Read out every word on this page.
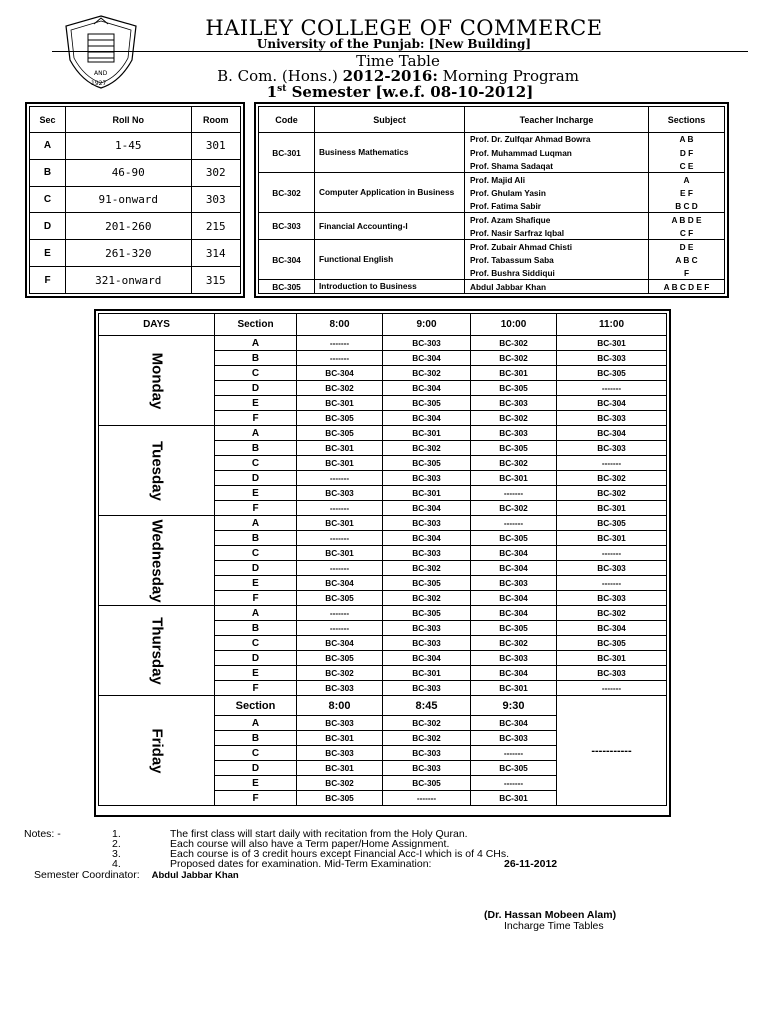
AND
1927
HAILEY COLLEGE OF COMMERCE
University of the Punjab: [New Building]
Time Table
B. Com. (Hons.) 2012-2016: Morning Program
1st Semester [w.e.f. 08-10-2012]
Sec	Roll No	Room
A	1-45	301
B	46-90	302
C	91-onward	303
D	201-260	215
E	261-320	314
F	321-onward	315
Code	Subject	Teacher Incharge	Sections
BC-301	Business Mathematics	Prof. Dr. Zulfqar Ahmad Bowra	A B
		Prof. Muhammad Luqman	D F
		Prof. Shama Sadaqat	C E
BC-302	Computer Application in Business	Prof. Majid Ali	A
		Prof. Ghulam Yasin	E F
		Prof. Fatima Sabir	B C D
BC-303	Financial Accounting-I	Prof. Azam Shafique	A B D E
		Prof. Nasir Sarfraz Iqbal	C F
BC-304	Functional English	Prof. Zubair Ahmad Chisti	D E
		Prof. Tabassum Saba	A B C
		Prof. Bushra Siddiqui	F
BC-305	Introduction to Business	Abdul Jabbar Khan	A B C D E F
DAYS	Section	8:00	9:00	10:00	11:00

Monday	A	-------	BC-303	BC-302	BC-301
	B	-------	BC-304	BC-302	BC-303
	C	BC-304	BC-302	BC-301	BC-305
	D	BC-302	BC-304	BC-305	-------
	E	BC-301	BC-305	BC-303	BC-304
	F	BC-305	BC-304	BC-302	BC-303

Tuesday	A	BC-305	BC-301	BC-303	BC-304
	B	BC-301	BC-302	BC-305	BC-303
	C	BC-301	BC-305	BC-302	-------
	D	-------	BC-303	BC-301	BC-302
	E	BC-303	BC-301	-------	BC-302
	F	-------	BC-304	BC-302	BC-301

Wednesday	A	BC-301	BC-303	-------	BC-305
	B	-------	BC-304	BC-305	BC-301
	C	BC-301	BC-303	BC-304	-------
	D	-------	BC-302	BC-304	BC-303
	E	BC-304	BC-305	BC-303	-------
	F	BC-305	BC-302	BC-304	BC-303

Thursday	A	-------	BC-305	BC-304	BC-302
	B	-------	BC-303	BC-305	BC-304
	C	BC-304	BC-303	BC-302	BC-305
	D	BC-305	BC-304	BC-303	BC-301
	E	BC-302	BC-301	BC-304	BC-303
	F	BC-303	BC-303	BC-301	-------

Friday	Section	8:00	8:45	9:30	-----------
	A	BC-303	BC-302	BC-304	
	B	BC-301	BC-302	BC-303	
	C	BC-303	BC-303	-------	
	D	BC-301	BC-303	BC-305	
	E	BC-302	BC-305	-------	
	F	BC-305	-------	BC-301	
Notes: -	1.	The first class will start daily with recitation from the Holy Quran.
2.	Each course will also have a Term paper/Home Assignment.
3.	Each course is of 3 credit hours except Financial Acc-I which is of 4 CHs.
4.	Proposed dates for examination. Mid-Term Examination:	26-11-2012
Semester Coordinator: Abdul Jabbar Khan
(Dr. Hassan Mobeen Alam)
Incharge Time Tables
